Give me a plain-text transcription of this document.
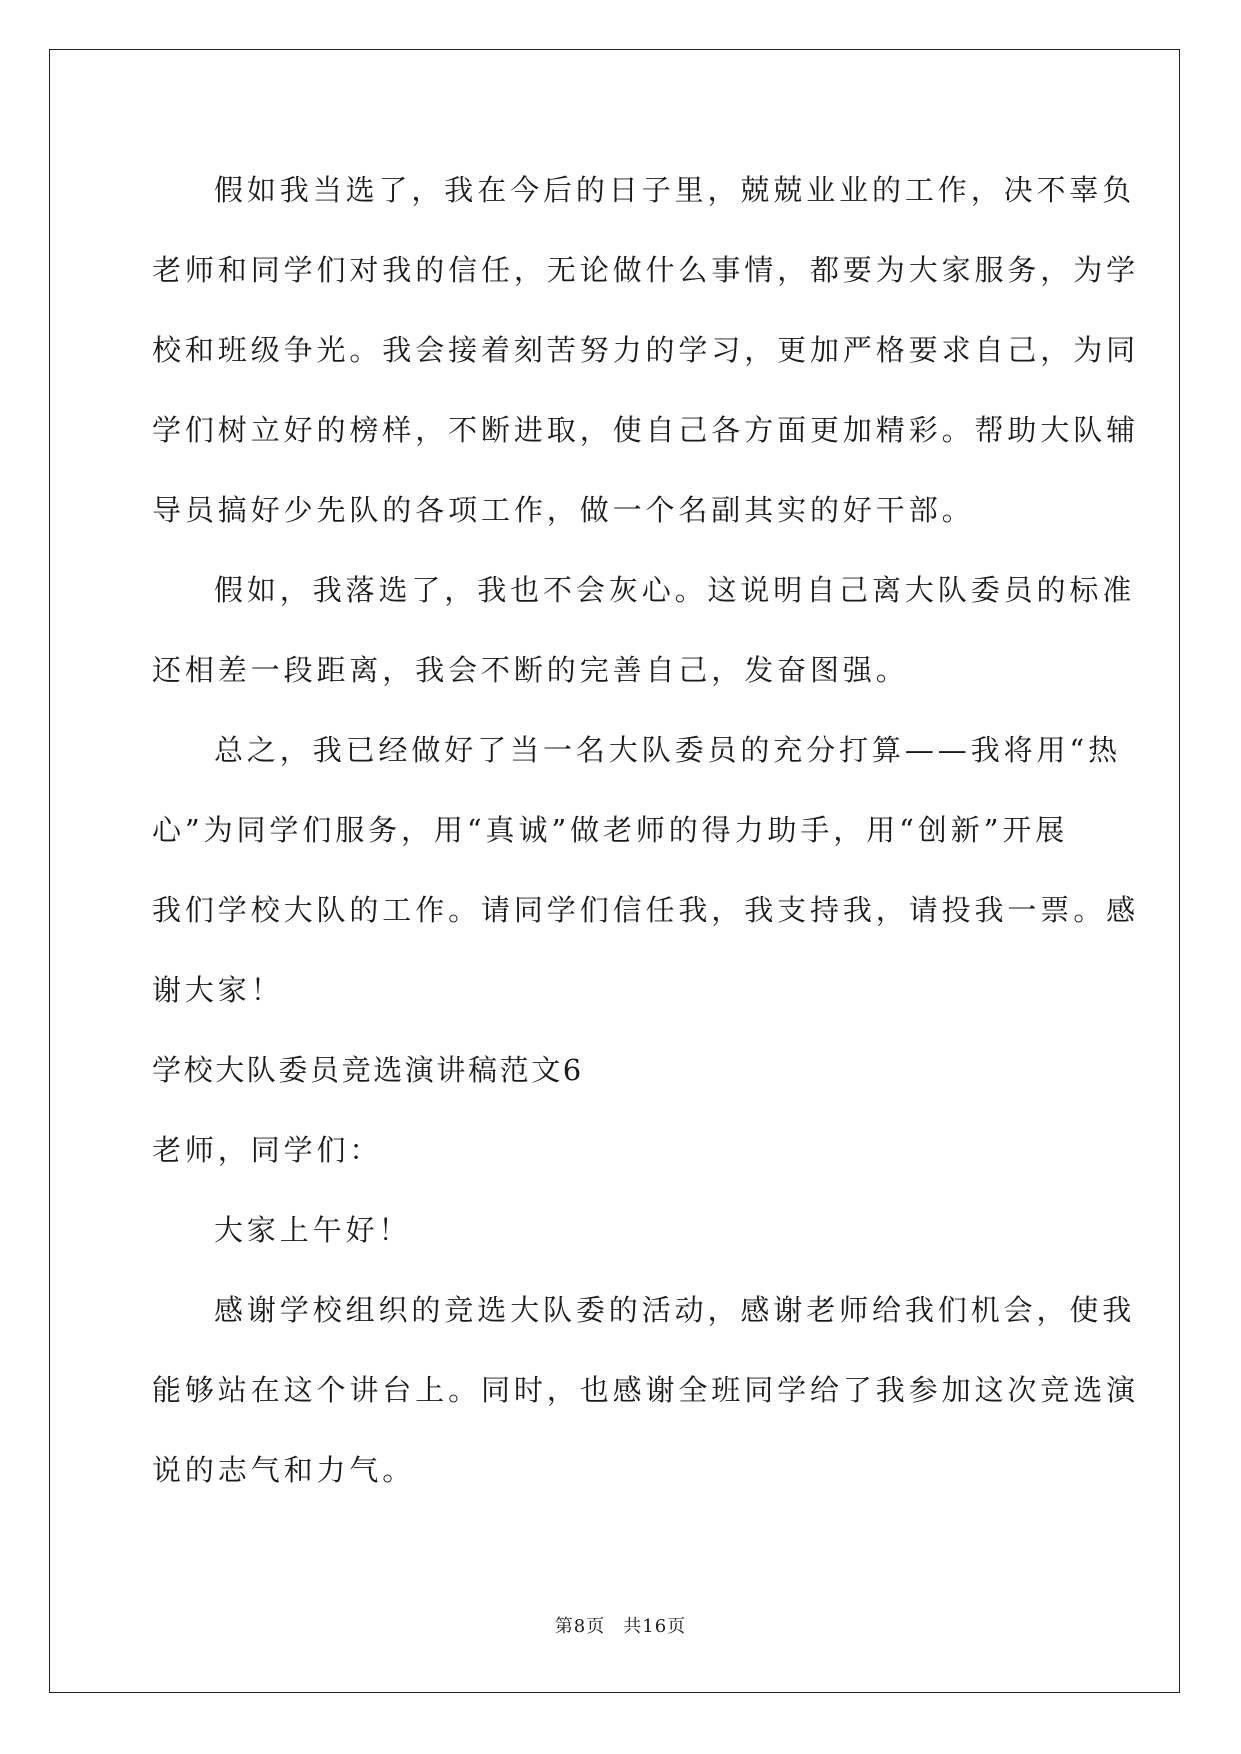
假如我当选了，我在今后的日子里，兢兢业业的工作，决不辜负
老师和同学们对我的信任，无论做什么事情，都要为大家服务，为学
校和班级争光。我会接着刻苦努力的学习，更加严格要求自己，为同
学们树立好的榜样，不断进取，使自己各方面更加精彩。帮助大队辅
导员搞好少先队的各项工作，做一个名副其实的好干部。
假如，我落选了，我也不会灰心。这说明自己离大队委员的标准
还相差一段距离，我会不断的完善自己，发奋图强。
总之，我已经做好了当一名大队委员的充分打算——我将用“热
心”为同学们服务，用“真诚”做老师的得力助手，用“创新”开展
我们学校大队的工作。请同学们信任我，我支持我，请投我一票。感
谢大家！
学校大队委员竞选演讲稿范文6
老师，同学们：
大家上午好！
感谢学校组织的竞选大队委的活动，感谢老师给我们机会，使我
能够站在这个讲台上。同时，也感谢全班同学给了我参加这次竞选演
说的志气和力气。
第8页 共16页
